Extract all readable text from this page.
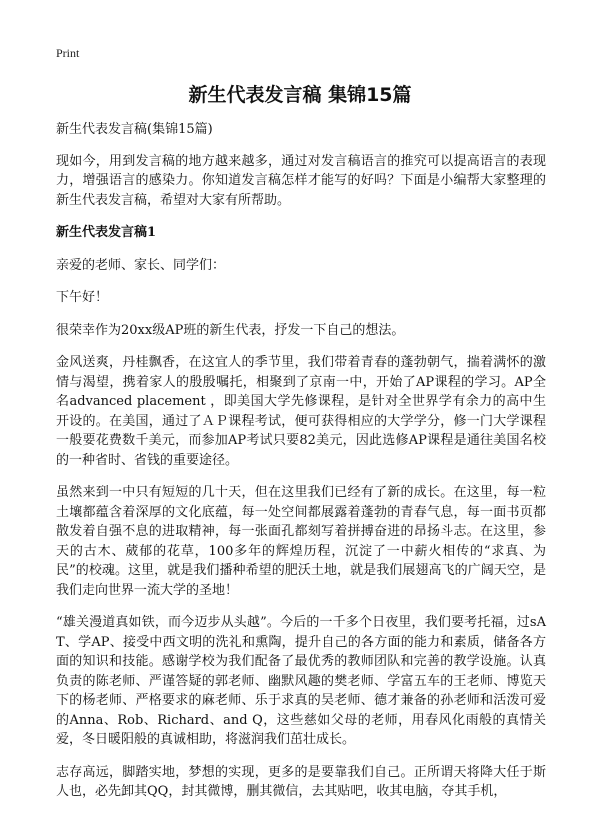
Print
新生代表发言稿 集锦15篇

新生代表发言稿(集锦15篇)

现如今，用到发言稿的地方越来越多，通过对发言稿语言的推究可以提高语言的表现力，增强语言的感染力。你知道发言稿怎样才能写的好吗？下面是小编帮大家整理的新生代表发言稿，希望对大家有所帮助。

新生代表发言稿1

亲爱的老师、家长、同学们：

下午好！

很荣幸作为20xx级AP班的新生代表，抒发一下自己的想法。

金风送爽，丹桂飘香，在这宜人的季节里，我们带着青春的蓬勃朝气，揣着满怀的激情与渴望，携着家人的殷殷嘱托，相聚到了京南一中，开始了AP课程的学习。AP全名advanced placement ，即美国大学先修课程，是针对全世界学有余力的高中生开设的。在美国，通过了ＡＰ课程考试，便可获得相应的大学学分，修一门大学课程一般要花费数千美元，而参加AP考试只要82美元，因此选修AP课程是通往美国名校的一种省时、省钱的重要途径。

虽然来到一中只有短短的几十天，但在这里我们已经有了新的成长。在这里，每一粒土壤都蕴含着深厚的文化底蕴，每一处空间都展露着蓬勃的青春气息，每一面书页都散发着自强不息的进取精神，每一张面孔都刻写着拼搏奋进的昂扬斗志。在这里，参天的古木、葳郁的花草，100多年的辉煌历程，沉淀了一中薪火相传的“求真、为民”的校魂。这里，就是我们播种希望的肥沃土地，就是我们展翅高飞的广阔天空，是我们走向世界一流大学的圣地！

“雄关漫道真如铁，而今迈步从头越”。今后的一千多个日夜里，我们要考托福，过sAT、学AP、接受中西文明的洗礼和熏陶，提升自己的各方面的能力和素质，储备各方面的知识和技能。感谢学校为我们配备了最优秀的教师团队和完善的教学设施。认真负责的陈老师、严谨答疑的郭老师、幽默风趣的樊老师、学富五车的王老师、博览天下的杨老师、严格要求的麻老师、乐于求真的吴老师、德才兼备的孙老师和活泼可爱的Anna、Rob、Richard、and Q，这些慈如父母的老师，用春风化雨般的真情关爱，冬日暖阳般的真诚相助，将滋润我们茁壮成长。

志存高远，脚踏实地，梦想的实现，更多的是要靠我们自己。正所谓天将降大任于斯人也，必先卸其QQ，封其微博，删其微信，去其贴吧，收其电脑，夺其手机，
